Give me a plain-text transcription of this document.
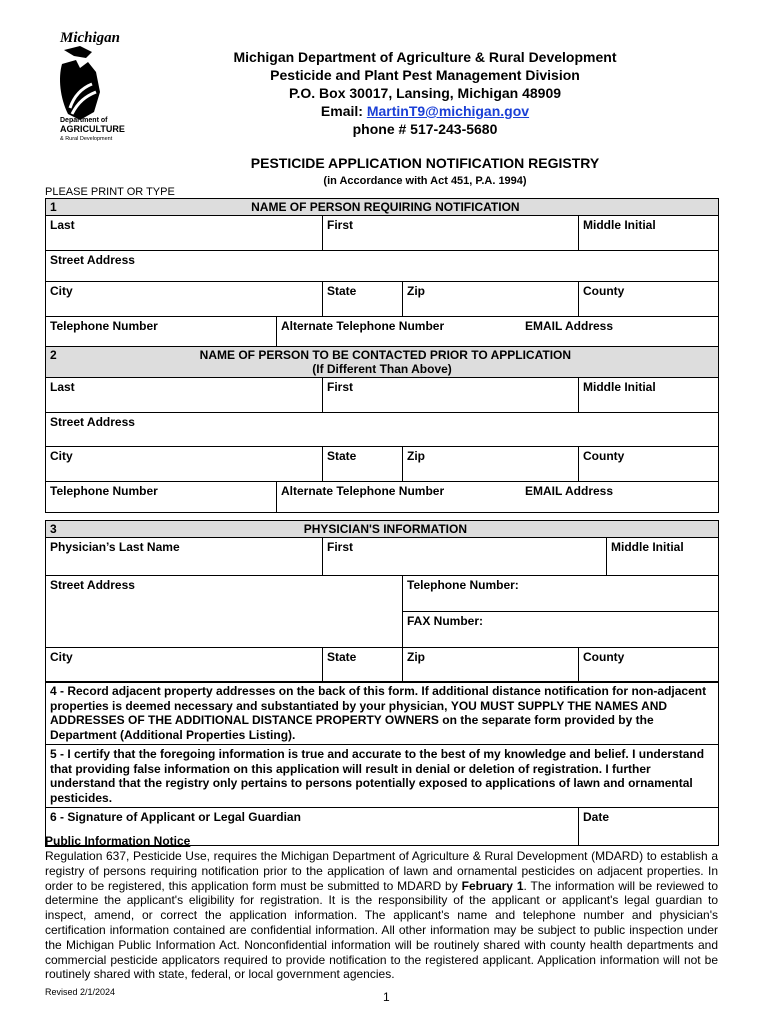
Michigan
Department of
AGRICULTURE
& Rural Development
Michigan Department of Agriculture & Rural Development
Pesticide and Plant Pest Management Division
P.O. Box 30017, Lansing, Michigan 48909
Email: MartinT9@michigan.gov
phone # 517-243-5680
PESTICIDE APPLICATION NOTIFICATION REGISTRY
(in Accordance with Act 451, P.A. 1994)
PLEASE PRINT OR TYPE
1 NAME OF PERSON REQUIRING NOTIFICATION				

Last		First		Middle Initial
Street Address				
City		State	Zip	County
Telephone Number	Alternate Telephone Number EMAIL Address			

2 NAME OF PERSON TO BE CONTACTED PRIOR TO APPLICATION
(If Different Than Above)				

Last		First		Middle Initial
Street Address				
City		State	Zip	County
Telephone Number	Alternate Telephone Number EMAIL Address			
3 PHYSICIAN'S INFORMATION			

Physician’s Last Name	First		Middle Initial
Street Address		Telephone Number:	
		FAX Number:	
City	State	Zip	County
4 - Record adjacent property addresses on the back of this form. If additional distance notification for non-adjacent properties is deemed necessary and substantiated by your physician, YOU MUST SUPPLY THE NAMES AND ADDRESSES OF THE ADDITIONAL DISTANCE PROPERTY OWNERS on the separate form provided by the Department (Additional Properties Listing).
5 - I certify that the foregoing information is true and accurate to the best of my knowledge and belief. I understand that providing false information on this application will result in denial or deletion of registration. I further understand that the registry only pertains to persons potentially exposed to applications of lawn and ornamental pesticides.
6 - Signature of Applicant or Legal Guardian	Date
Public Information Notice
Regulation 637, Pesticide Use, requires the Michigan Department of Agriculture & Rural Development (MDARD) to establish a registry of persons requiring notification prior to the application of lawn and ornamental pesticides on adjacent properties. In order to be registered, this application form must be submitted to MDARD by February 1. The information will be reviewed to determine the applicant's eligibility for registration. It is the responsibility of the applicant or applicant's legal guardian to inspect, amend, or correct the application information. The applicant's name and telephone number and physician's certification information contained are confidential information. All other information may be subject to public inspection under the Michigan Public Information Act. Nonconfidential information will be routinely shared with county health departments and commercial pesticide applicators required to provide notification to the registered applicant. Application information will not be routinely shared with state, federal, or local government agencies.
Revised 2/1/2024	1
